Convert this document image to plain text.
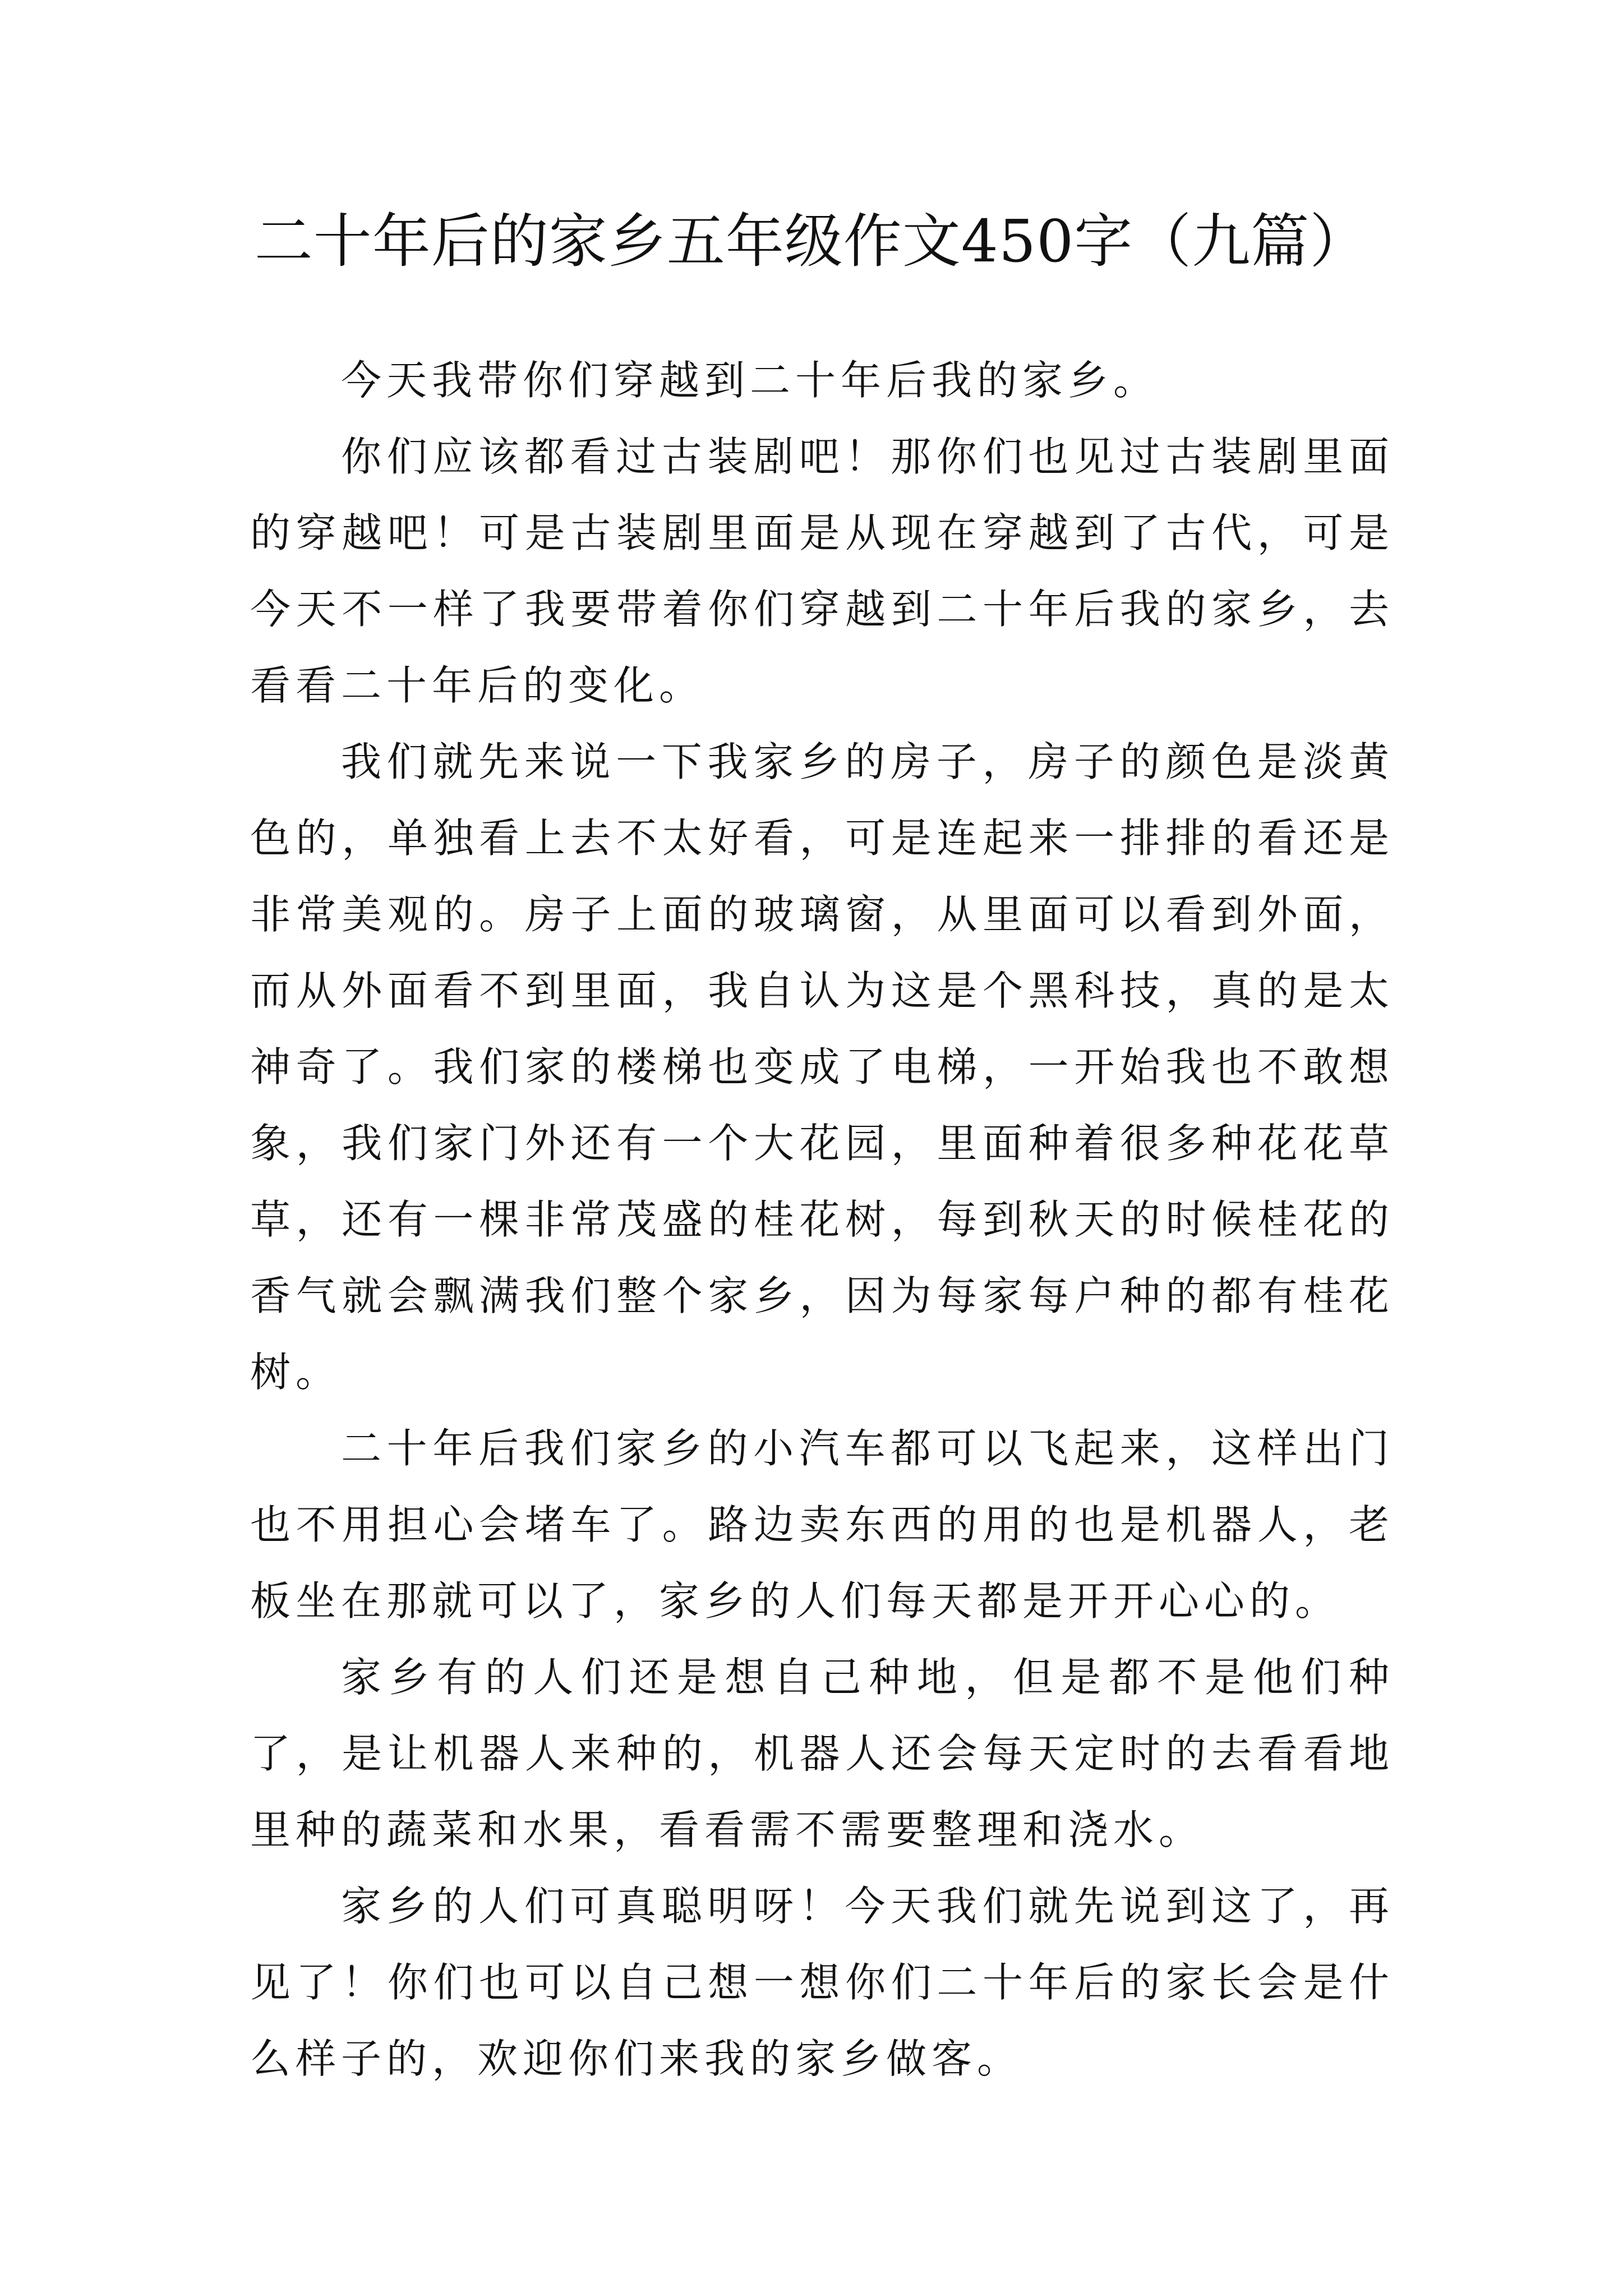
二十年后的家乡五年级作文450字（九篇）

今天我带你们穿越到二十年后我的家乡。

你们应该都看过古装剧吧！那你们也见过古装剧里面的穿越吧！可是古装剧里面是从现在穿越到了古代，可是今天不一样了我要带着你们穿越到二十年后我的家乡，去看看二十年后的变化。

我们就先来说一下我家乡的房子，房子的颜色是淡黄色的，单独看上去不太好看，可是连起来一排排的看还是非常美观的。房子上面的玻璃窗，从里面可以看到外面，而从外面看不到里面，我自认为这是个黑科技，真的是太神奇了。我们家的楼梯也变成了电梯，一开始我也不敢想象，我们家门外还有一个大花园，里面种着很多种花花草草，还有一棵非常茂盛的桂花树，每到秋天的时候桂花的香气就会飘满我们整个家乡，因为每家每户种的都有桂花树。

二十年后我们家乡的小汽车都可以飞起来，这样出门也不用担心会堵车了。路边卖东西的用的也是机器人，老板坐在那就可以了，家乡的人们每天都是开开心心的。

家乡有的人们还是想自己种地，但是都不是他们种了，是让机器人来种的，机器人还会每天定时的去看看地里种的蔬菜和水果，看看需不需要整理和浇水。

家乡的人们可真聪明呀！今天我们就先说到这了，再见了！你们也可以自己想一想你们二十年后的家长会是什么样子的，欢迎你们来我的家乡做客。
